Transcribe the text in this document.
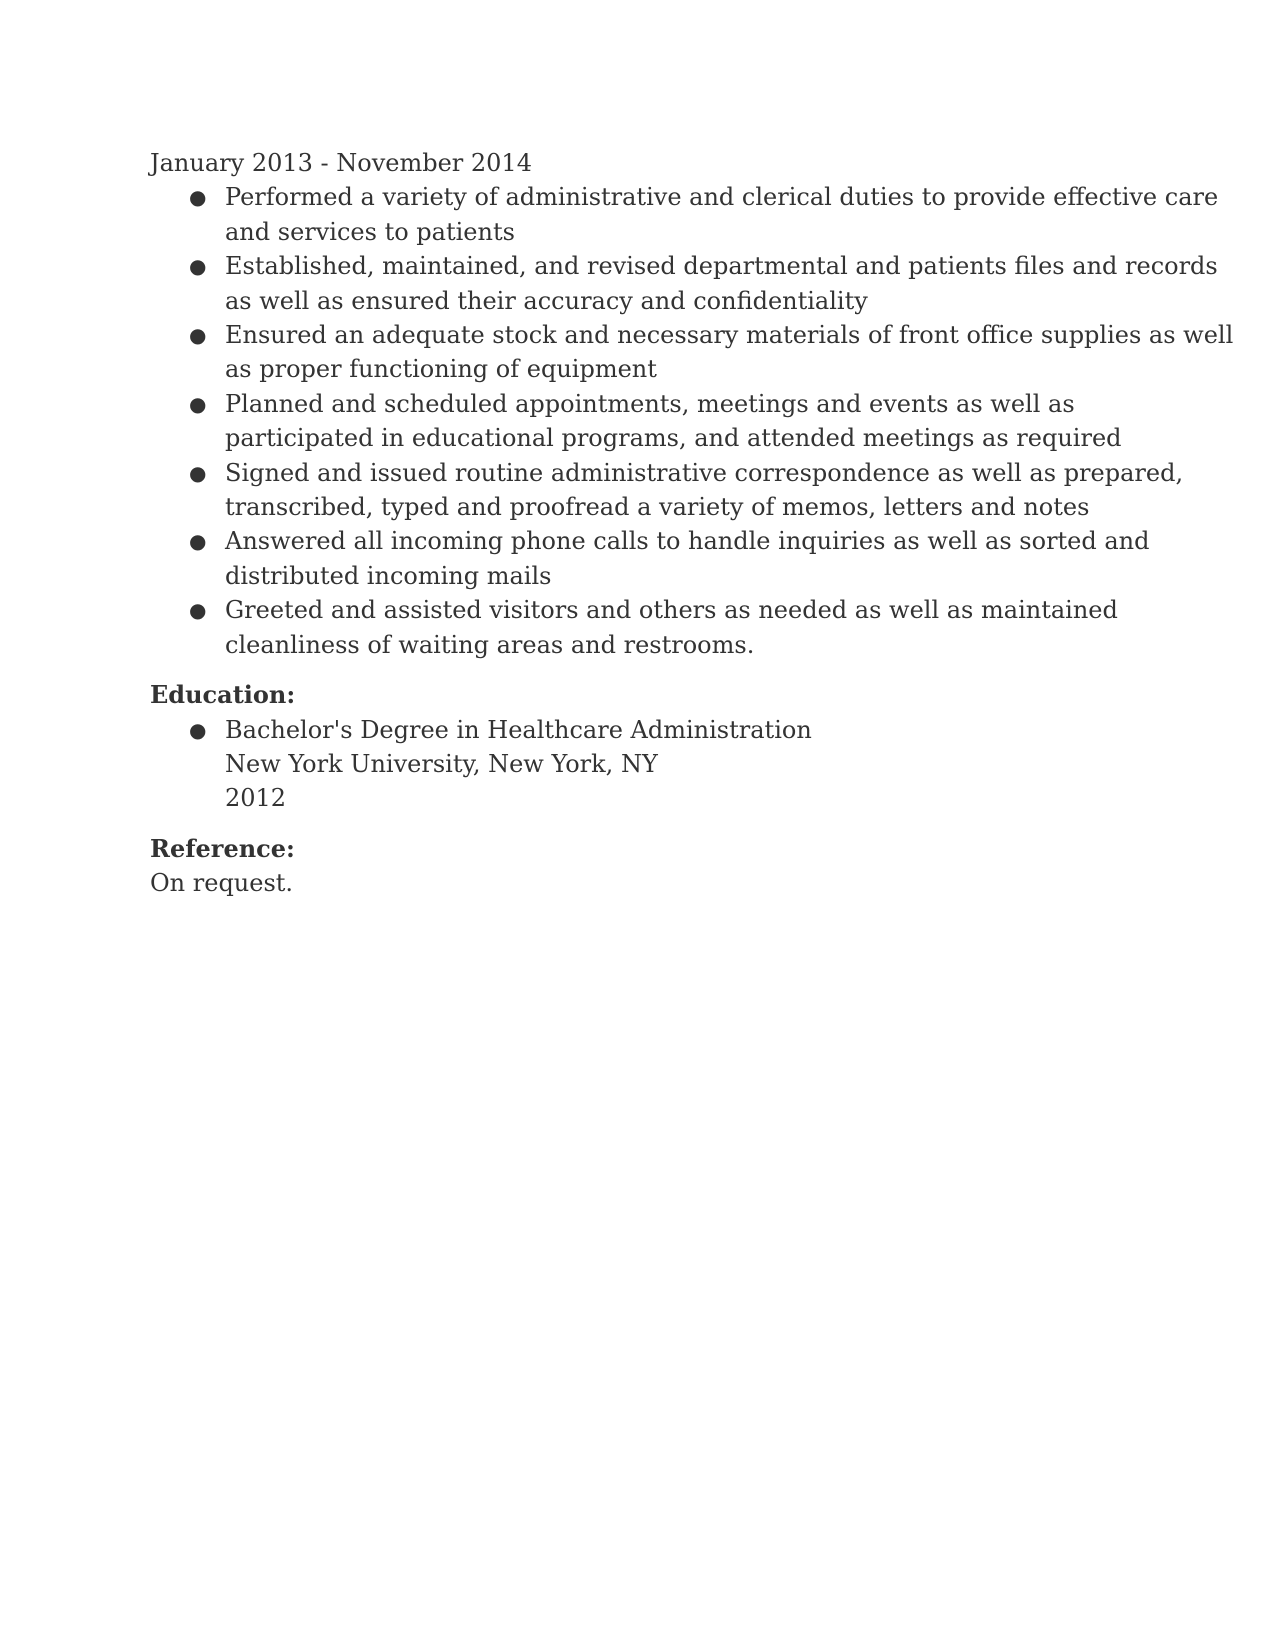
January 2013 - November 2014
● Performed a variety of administrative and clerical duties to provide effective care
and services to patients
● Established, maintained, and revised departmental and patients files and records
as well as ensured their accuracy and confidentiality
● Ensured an adequate stock and necessary materials of front office supplies as well
as proper functioning of equipment
● Planned and scheduled appointments, meetings and events as well as
participated in educational programs, and attended meetings as required
● Signed and issued routine administrative correspondence as well as prepared,
transcribed, typed and proofread a variety of memos, letters and notes
● Answered all incoming phone calls to handle inquiries as well as sorted and
distributed incoming mails
● Greeted and assisted visitors and others as needed as well as maintained
cleanliness of waiting areas and restrooms.
Education:
● Bachelor's Degree in Healthcare Administration
New York University, New York, NY
2012
Reference:
On request.
